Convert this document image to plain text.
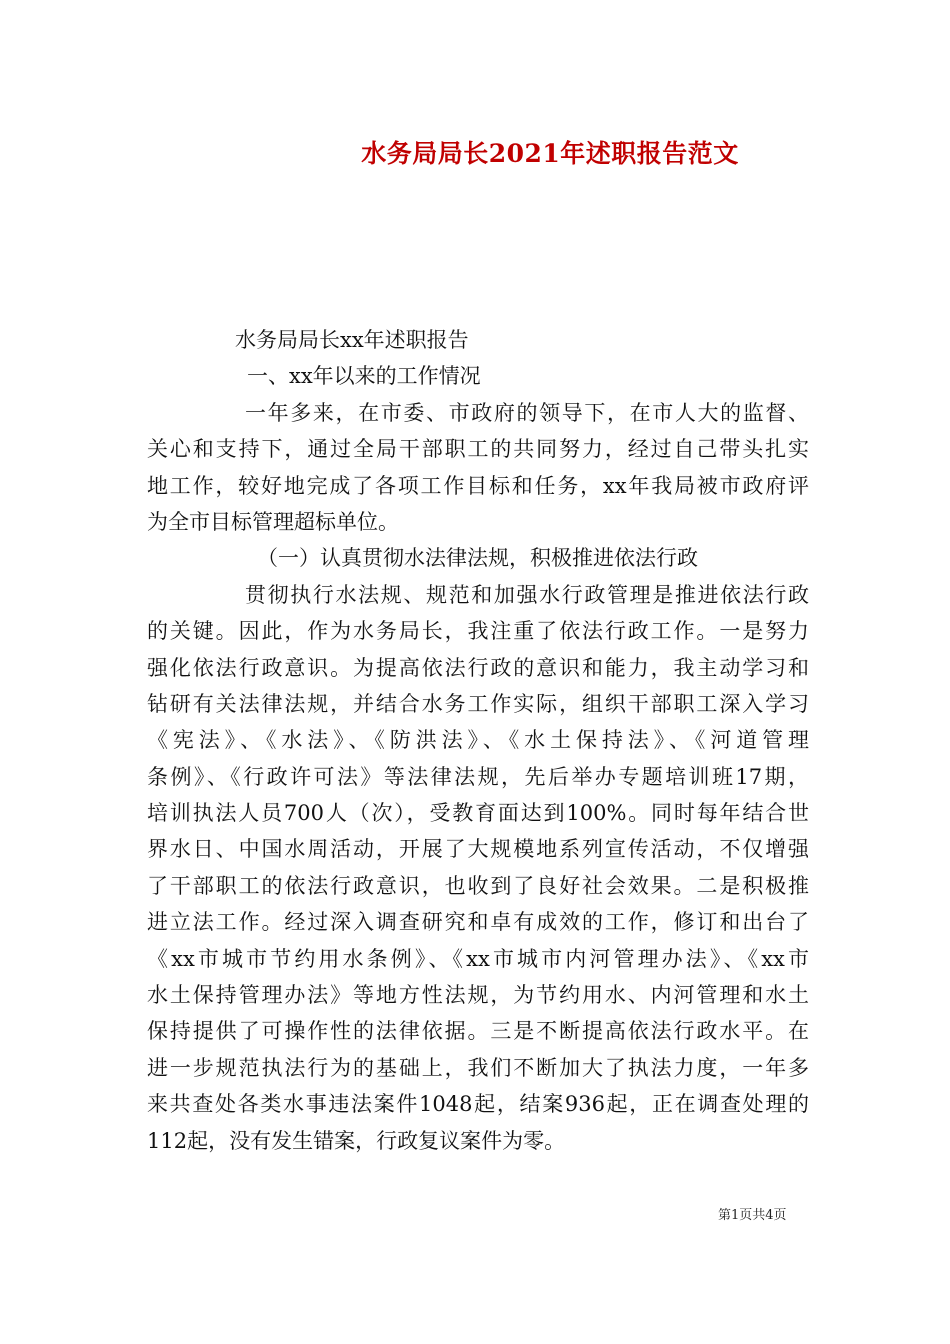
水务局局长2021年述职报告范文
水务局局长xx年述职报告
一、xx年以来的工作情况
一年多来，在市委、市政府的领导下，在市人大的监督、
关心和支持下，通过全局干部职工的共同努力，经过自己带头扎实
地工作，较好地完成了各项工作目标和任务，xx年我局被市政府评
为全市目标管理超标单位。
（一）认真贯彻水法律法规，积极推进依法行政
贯彻执行水法规、规范和加强水行政管理是推进依法行政
的关键。因此，作为水务局长，我注重了依法行政工作。一是努力
强化依法行政意识。为提高依法行政的意识和能力，我主动学习和
钻研有关法律法规，并结合水务工作实际，组织干部职工深入学习
《宪法》、《水法》、《防洪法》、《水土保持法》、《河道管理
条例》、《行政许可法》等法律法规，先后举办专题培训班17期，
培训执法人员700人（次），受教育面达到100%。同时每年结合世
界水日、中国水周活动，开展了大规模地系列宣传活动，不仅增强
了干部职工的依法行政意识，也收到了良好社会效果。二是积极推
进立法工作。经过深入调查研究和卓有成效的工作，修订和出台了
《xx市城市节约用水条例》、《xx市城市内河管理办法》、《xx市
水土保持管理办法》等地方性法规，为节约用水、内河管理和水土
保持提供了可操作性的法律依据。三是不断提高依法行政水平。在
进一步规范执法行为的基础上，我们不断加大了执法力度，一年多
来共查处各类水事违法案件1048起，结案936起，正在调查处理的
112起，没有发生错案，行政复议案件为零。
第1页共4页
